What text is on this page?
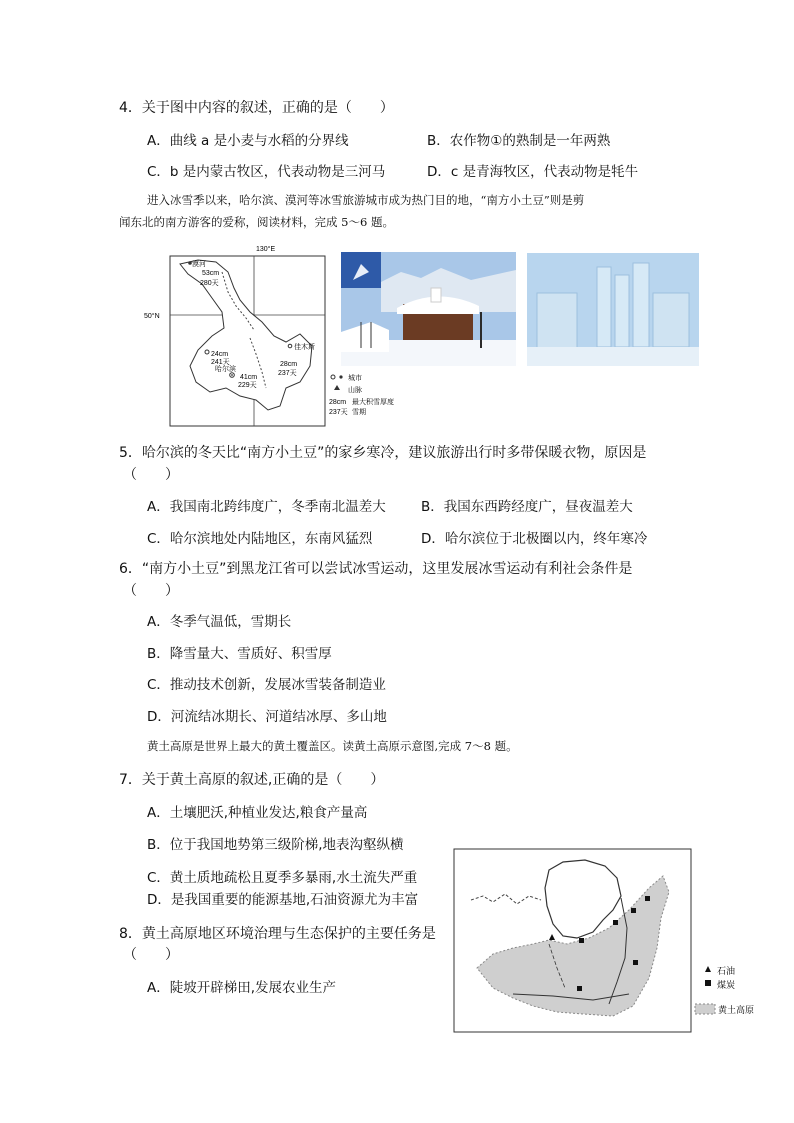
4．关于图中内容的叙述，正确的是（　　）
A．曲线 a 是小麦与水稻的分界线	B．农作物①的熟制是一年两熟
C．b 是内蒙古牧区，代表动物是三河马	D．c 是青海牧区，代表动物是牦牛
进入冰雪季以来，哈尔滨、漠河等冰雪旅游城市成为热门目的地，“南方小土豆”则是剪
闻东北的南方游客的爱称，阅读材料，完成 5～6 题。
130°E
50°N
漠河
53cm
280天
24cm
241天
哈尔滨
41cm
229天
佳木斯
28cm
237天
城市
山脉
28cm 最大积雪厚度
237天 雪期
5．哈尔滨的冬天比“南方小土豆”的家乡寒冷，建议旅游出行时多带保暖衣物，原因是
（　　）
A．我国南北跨纬度广，冬季南北温差大	B．我国东西跨经度广，昼夜温差大
C．哈尔滨地处内陆地区，东南风猛烈	D．哈尔滨位于北极圈以内，终年寒冷
6．“南方小土豆”到黑龙江省可以尝试冰雪运动，这里发展冰雪运动有利社会条件是
（　　）
A．冬季气温低，雪期长
B．降雪量大、雪质好、积雪厚
C．推动技术创新，发展冰雪装备制造业
D．河流结冰期长、河道结冰厚、多山地
黄土高原是世界上最大的黄土覆盖区。读黄土高原示意图,完成 7～8 题。
7．关于黄土高原的叙述,正确的是（　　）
A．土壤肥沃,种植业发达,粮食产量高
B．位于我国地势第三级阶梯,地表沟壑纵横
C．黄土质地疏松且夏季多暴雨,水土流失严重
D．是我国重要的能源基地,石油资源尤为丰富
8．黄土高原地区环境治理与生态保护的主要任务是
（　　）
A．陡坡开辟梯田,发展农业生产
石油
煤炭
黄土高原
